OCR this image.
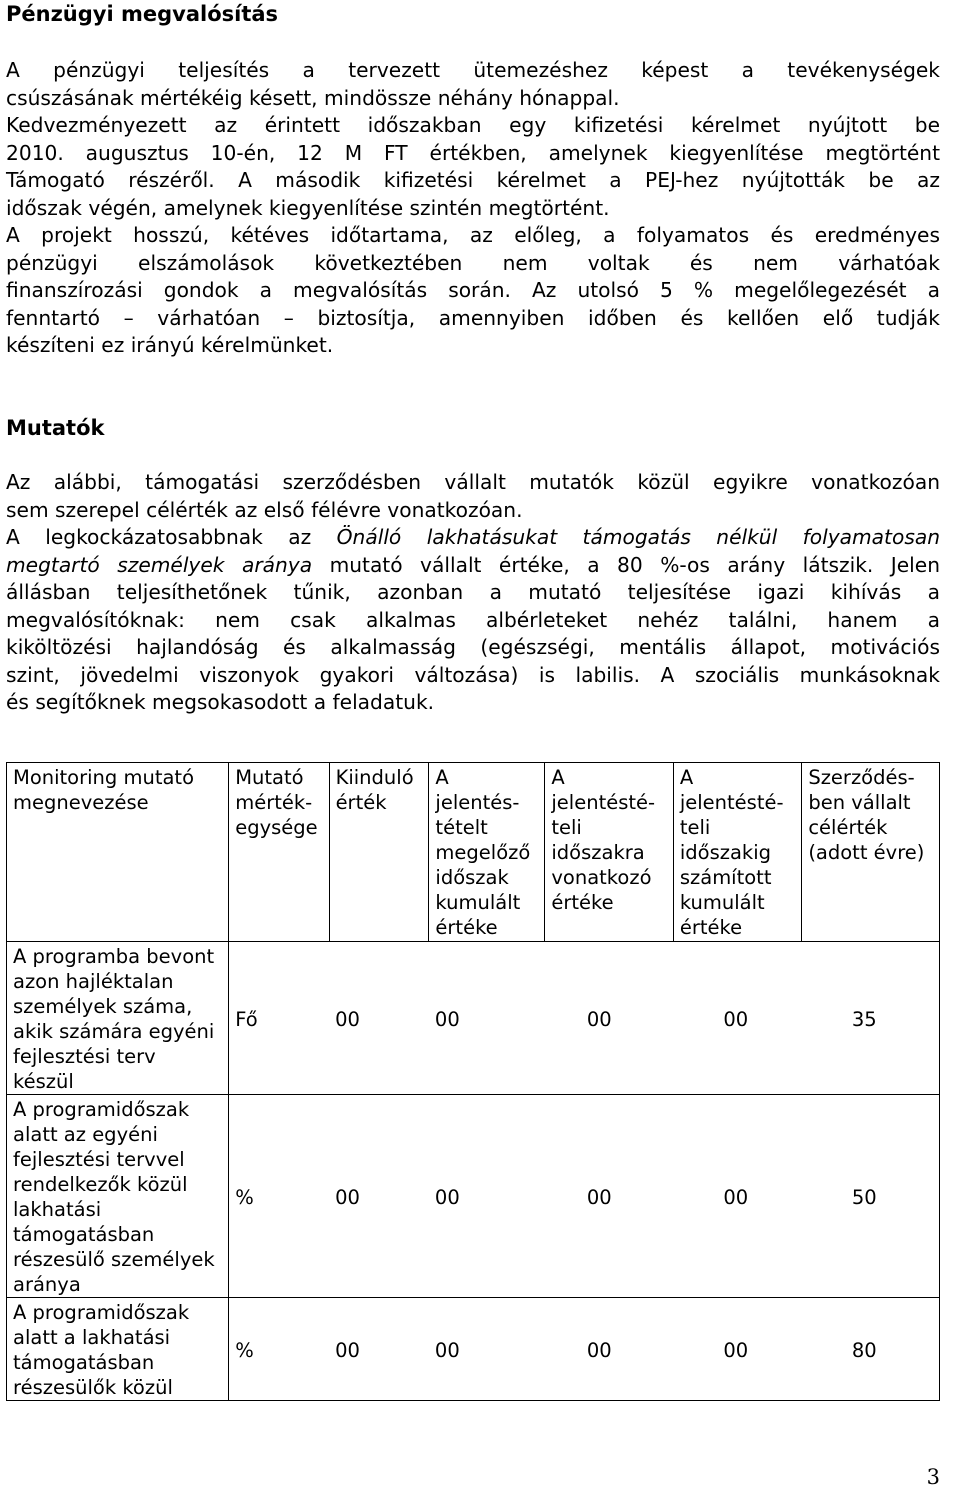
Pénzügyi megvalósítás
A pénzügyi teljesítés a tervezett ütemezéshez képest a tevékenységek
csúszásának mértékéig késett, mindössze néhány hónappal.
Kedvezményezett az érintett időszakban egy kifizetési kérelmet nyújtott be
2010. augusztus 10-én, 12 M FT értékben, amelynek kiegyenlítése megtörtént
Támogató részéről. A második kifizetési kérelmet a PEJ-hez nyújtották be az
időszak végén, amelynek kiegyenlítése szintén megtörtént.
A projekt hosszú, kétéves időtartama, az előleg, a folyamatos és eredményes
pénzügyi elszámolások következtében nem voltak és nem várhatóak
finanszírozási gondok a megvalósítás során. Az utolsó 5 % megelőlegezését a
fenntartó – várhatóan – biztosítja, amennyiben időben és kellően elő tudják
készíteni ez irányú kérelmünket.
Mutatók
Az alábbi, támogatási szerződésben vállalt mutatók közül egyikre vonatkozóan
sem szerepel célérték az első félévre vonatkozóan.
A legkockázatosabbnak az Önálló lakhatásukat támogatás nélkül folyamatosan
megtartó személyek aránya mutató vállalt értéke, a 80 %-os arány látszik. Jelen
állásban teljesíthetőnek tűnik, azonban a mutató teljesítése igazi kihívás a
megvalósítóknak: nem csak alkalmas albérleteket nehéz találni, hanem a
kiköltözési hajlandóság és alkalmasság (egészségi, mentális állapot, motivációs
szint, jövedelmi viszonyok gyakori változása) is labilis. A szociális munkásoknak
és segítőknek megsokasodott a feladatuk.
Monitoring mutató megnevezése	Mutató mérték-egysége	Kiinduló érték	A jelentés-tételt megelőző időszak kumulált értéke	A jelentésté-teli időszakra vonatkozó értéke	A jelentésté-teli időszakig számított kumulált értéke	Szerződés-ben vállalt célérték (adott évre)
A programba bevont azon hajléktalan személyek száma, akik számára egyéni fejlesztési terv készül	Fő	00	00	00	00	35
A programidőszak alatt az egyéni fejlesztési tervvel rendelkezők közül lakhatási támogatásban részesülő személyek aránya	%	00	00	00	00	50
A programidőszak alatt a lakhatási támogatásban részesülők közül	%	00	00	00	00	80
3
